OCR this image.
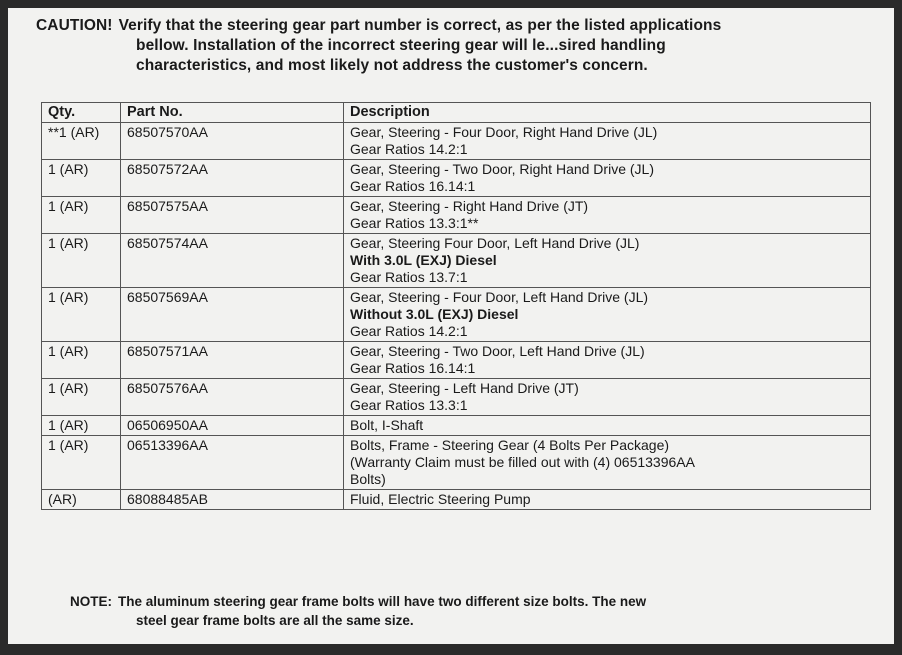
CAUTION! Verify that the steering gear part number is correct, as per the listed applications
bellow. Installation of the incorrect steering gear will le...sired handling
characteristics, and most likely not address the customer's concern.
Qty.	Part No.	Description
**1 (AR)	68507570AA	Gear, Steering - Four Door, Right Hand Drive (JL)
Gear Ratios 14.2:1

1 (AR)	68507572AA	Gear, Steering - Two Door, Right Hand Drive (JL)
Gear Ratios 16.14:1

1 (AR)	68507575AA	Gear, Steering - Right Hand Drive (JT)
Gear Ratios 13.3:1**

1 (AR)	68507574AA	Gear, Steering Four Door, Left Hand Drive (JL)
With 3.0L (EXJ) Diesel
Gear Ratios 13.7:1

1 (AR)	68507569AA	Gear, Steering - Four Door, Left Hand Drive (JL)
Without 3.0L (EXJ) Diesel
Gear Ratios 14.2:1

1 (AR)	68507571AA	Gear, Steering - Two Door, Left Hand Drive (JL)
Gear Ratios 16.14:1

1 (AR)	68507576AA	Gear, Steering - Left Hand Drive (JT)
Gear Ratios 13.3:1

1 (AR)	06506950AA	Bolt, I-Shaft

1 (AR)	06513396AA	Bolts, Frame - Steering Gear (4 Bolts Per Package)
(Warranty Claim must be filled out with (4) 06513396AA
Bolts)

(AR)	68088485AB	Fluid, Electric Steering Pump
NOTE: The aluminum steering gear frame bolts will have two different size bolts. The new
steel gear frame bolts are all the same size.
